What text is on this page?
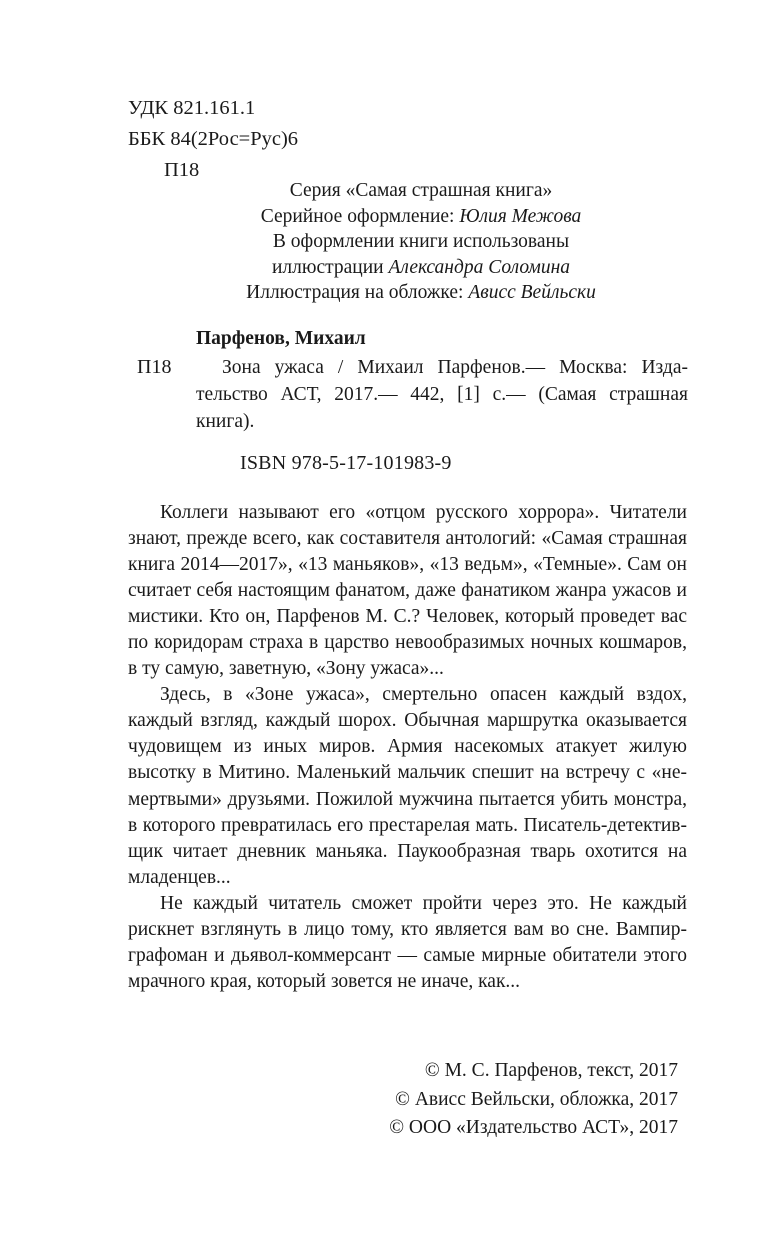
УДК 821.161.1
ББК 84(2Рос=Рус)6
П18
Серия «Самая страшная книга»
Серийное оформление: Юлия Межова
В оформлении книги использованы
иллюстрации Александра Соломина
Иллюстрация на обложке: Ависс Вейльски
Парфенов, Михаил
П18	Зона ужаса / Михаил Парфенов.— Москва: Издательство АСТ, 2017.— 442, [1] с.— (Самая страшная книга).
ISBN 978-5-17-101983-9

Коллеги называют его «отцом русского хоррора». Читатели знают, прежде всего, как составителя антологий: «Самая страшная книга 2014—2017», «13 маньяков», «13 ведьм», «Темные». Сам он считает себя настоящим фанатом, даже фанатиком жанра ужасов и мистики. Кто он, Парфенов М. С.? Человек, который проведет вас по коридорам страха в царство невообразимых ночных кошмаров, в ту самую, заветную, «Зону ужаса»...

Здесь, в «Зоне ужаса», смертельно опасен каждый вздох, каждый взгляд, каждый шорох. Обычная маршрутка оказывается чудовищем из иных миров. Армия насекомых атакует жилую высотку в Митино. Маленький мальчик спешит на встречу с «не-мертвыми» друзьями. Пожилой мужчина пытается убить монстра, в которого превратилась его престарелая мать. Писатель-детективщик читает дневник маньяка. Паукообразная тварь охотится на младенцев...

Не каждый читатель сможет пройти через это. Не каждый рискнет взглянуть в лицо тому, кто является вам во сне. Вампир-графоман и дьявол-коммерсант — самые мирные обитатели этого мрачного края, который зовется не иначе, как...

© М. С. Парфенов, текст, 2017
© Ависс Вейльски, обложка, 2017
© ООО «Издательство АСТ», 2017
